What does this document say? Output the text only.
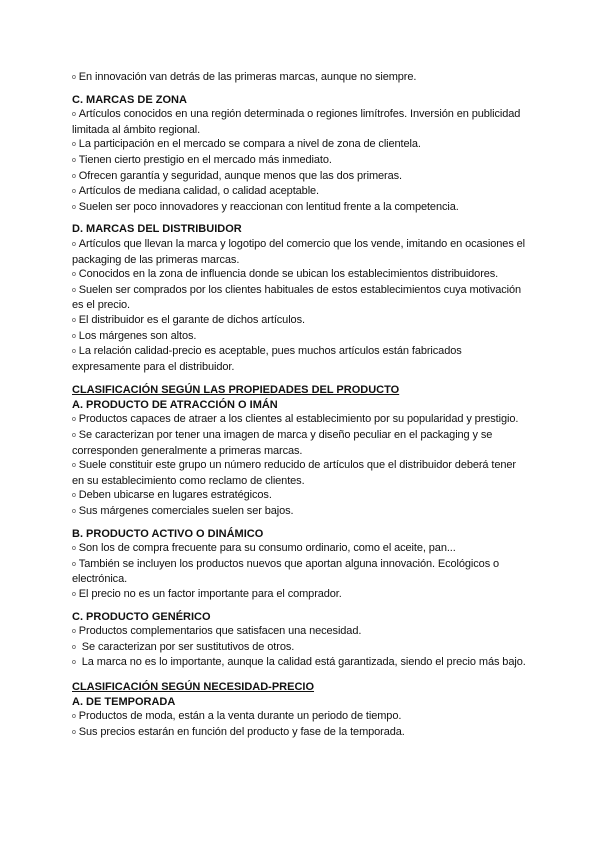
o En innovación van detrás de las primeras marcas, aunque no siempre.
C. MARCAS DE ZONA
o Artículos conocidos en una región determinada o regiones limítrofes. Inversión en publicidad limitada al ámbito regional.
o La participación en el mercado se compara a nivel de zona de clientela.
o Tienen cierto prestigio en el mercado más inmediato.
o Ofrecen garantía y seguridad, aunque menos que las dos primeras.
o Artículos de mediana calidad, o calidad aceptable.
o Suelen ser poco innovadores y reaccionan con lentitud frente a la competencia.
D. MARCAS DEL DISTRIBUIDOR
o Artículos que llevan la marca y logotipo del comercio que los vende, imitando en ocasiones el packaging de las primeras marcas.
o Conocidos en la zona de influencia donde se ubican los establecimientos distribuidores.
o Suelen ser comprados por los clientes habituales de estos establecimientos cuya motivación es el precio.
o El distribuidor es el garante de dichos artículos.
o Los márgenes son altos.
o La relación calidad-precio es aceptable, pues muchos artículos están fabricados expresamente para el distribuidor.
CLASIFICACIÓN SEGÚN LAS PROPIEDADES DEL PRODUCTO
A. PRODUCTO DE ATRACCIÓN O IMÁN
o Productos capaces de atraer a los clientes al establecimiento por su popularidad y prestigio.
o Se caracterizan por tener una imagen de marca y diseño peculiar en el packaging y se corresponden generalmente a primeras marcas.
o Suele constituir este grupo un número reducido de artículos que el distribuidor deberá tener en su establecimiento como reclamo de clientes.
o Deben ubicarse en lugares estratégicos.
o Sus márgenes comerciales suelen ser bajos.
B. PRODUCTO ACTIVO O DINÁMICO
o Son los de compra frecuente para su consumo ordinario, como el aceite, pan...
o También se incluyen los productos nuevos que aportan alguna innovación. Ecológicos o electrónica.
o El precio no es un factor importante para el comprador.
C. PRODUCTO GENÉRICO
o Productos complementarios que satisfacen una necesidad.
o Se caracterizan por ser sustitutivos de otros.
o La marca no es lo importante, aunque la calidad está garantizada, siendo el precio más bajo.
CLASIFICACIÓN SEGÚN NECESIDAD-PRECIO
A. DE TEMPORADA
o Productos de moda, están a la venta durante un periodo de tiempo.
o Sus precios estarán en función del producto y fase de la temporada.
